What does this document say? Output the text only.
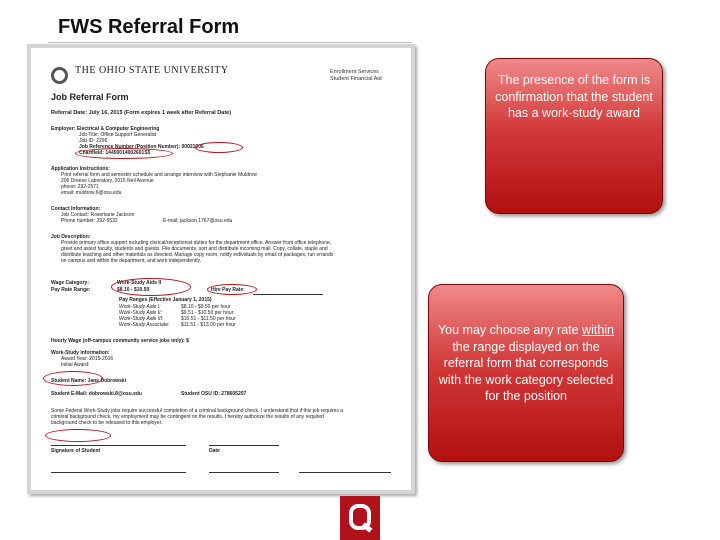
FWS Referral Form
THE OHIO STATE UNIVERSITY	Enrollment Services
Student Financial Aid
Job Referral Form
Referral Date: July 16, 2015 (Form expires 1 week after Referral Date)
Employer: Electrical & Computer Engineering
Job Title: Office Support Generalist
Job ID: 2296
Job Reference Number (Position Number): 00021006
Chartfield: 14450014002601S5
Application Instructions:
Print referral form and semester schedule and arrange interview with Stephanie Muldrow
206 Dreese Laboratory, 2015 Neil Avenue
phone: 292-2571
email: muldrow.6@osu.edu
Contact Information:
Job Contact: Rosemarie Jackson
Phone number: 292-5532	E-mail: jackson.1767@osu.edu
Job Description:
Provide primary office support including clerical/receptionist duties for the department office. Answer front office telephone,
greet and assist faculty, students and guests. File documents, sort and distribute incoming mail. Copy, collate, staple and
distribute teaching and other materials as directed. Manage copy room, notify individuals by email of packages, run errands
on campus and within the department, and work independently.
Wage Category:	Work-Study Aide II
Pay Rate Range:	$8.10 - $10.50	Hire Pay Rate:
Pay Ranges (Effective January 1, 2015)
Work-Study Aide I:	$8.10 - $9.50 per hour
Work-Study Aide II:	$9.51 - $10.50 per hour
Work-Study Aide III:	$10.51 - $11.50 per hour
Work-Study Associate: $11.51 - $13.00 per hour
Hourly Wage (off-campus community service jobs only): $
Work-Study Information:
Award Year: 2015-2016
Initial Award:
Student Name: Jane Dobrowski
Student E-Mail: dobrowski.8@osu.edu	Student OSU ID: 278605207
Some Federal Work-Study jobs require successful completion of a criminal background check. I understand that if this job requires a
criminal background check, my employment may be contingent on the results. I hereby authorize the results of any required
background check to be released to this employer.
Signature of Student	Date
The presence of the form is confirmation that the student has a work-study award
You may choose any rate within the range displayed on the referral form that corresponds with the work category selected for the position
